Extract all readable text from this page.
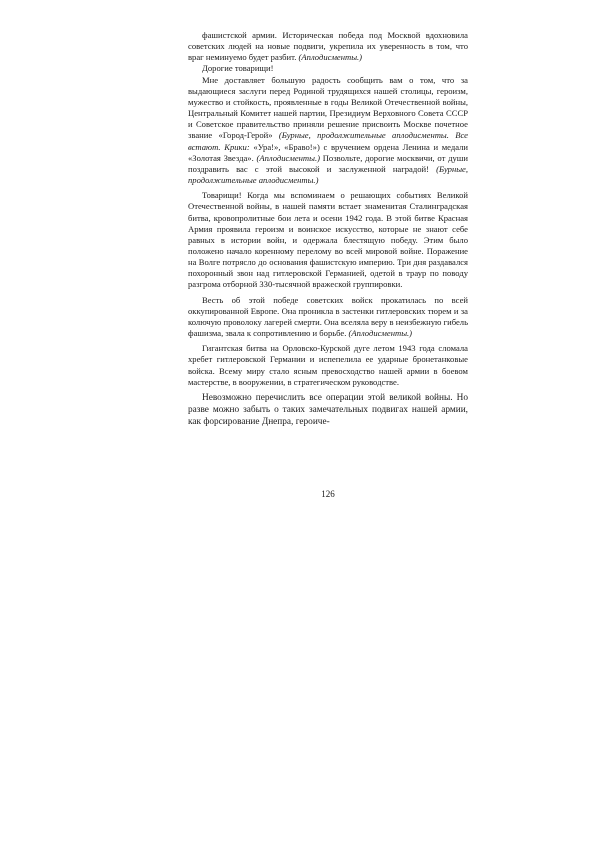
фашистской армии. Историческая победа под Москвой вдохновила советских людей на новые подвиги, укрепила их уверенность в том, что враг неминуемо будет разбит. (Аплодисменты.)

Дорогие товарищи!

Мне доставляет большую радость сообщить вам о том, что за выдающиеся заслуги перед Родиной трудящихся нашей столицы, героизм, мужество и стойкость, проявленные в годы Великой Отечественной войны, Центральный Комитет нашей партии, Президиум Верховного Совета СССР и Советское правительство приняли решение присвоить Москве почетное звание «Город-Герой» (Бурные, продолжительные аплодисменты. Все встают. Крики: «Ура!», «Браво!») с вручением ордена Ленина и медали «Золотая Звезда». (Аплодисменты.) Позвольте, дорогие москвичи, от души поздравить вас с этой высокой и заслуженной наградой! (Бурные, продолжительные аплодисменты.)

Товарищи! Когда мы вспоминаем о решающих событиях Великой Отечественной войны, в нашей памяти встает знаменитая Сталинградская битва, кровопролитные бои лета и осени 1942 года. В этой битве Красная Армия проявила героизм и воинское искусство, которые не знают себе равных в истории войн, и одержала блестящую победу. Этим было положено начало коренному перелому во всей мировой войне. Поражение на Волге потрясло до основания фашистскую империю. Три дня раздавался похоронный звон над гитлеровской Германией, одетой в траур по поводу разгрома отборной 330-тысячной вражеской группировки.

Весть об этой победе советских войск прокатилась по всей оккупированной Европе. Она проникла в застенки гитлеровских тюрем и за колючую проволоку лагерей смерти. Она вселяла веру в неизбежную гибель фашизма, звала к сопротивлению и борьбе. (Аплодисменты.)

Гигантская битва на Орловско-Курской дуге летом 1943 года сломала хребет гитлеровской Германии и испепелила ее ударные бронетанковые войска. Всему миру стало ясным превосходство нашей армии в боевом мастерстве, в вооружении, в стратегическом руководстве.

Невозможно перечислить все операции этой великой войны. Но разве можно забыть о таких замечательных подвигах нашей армии, как форсирование Днепра, героиче-

126
